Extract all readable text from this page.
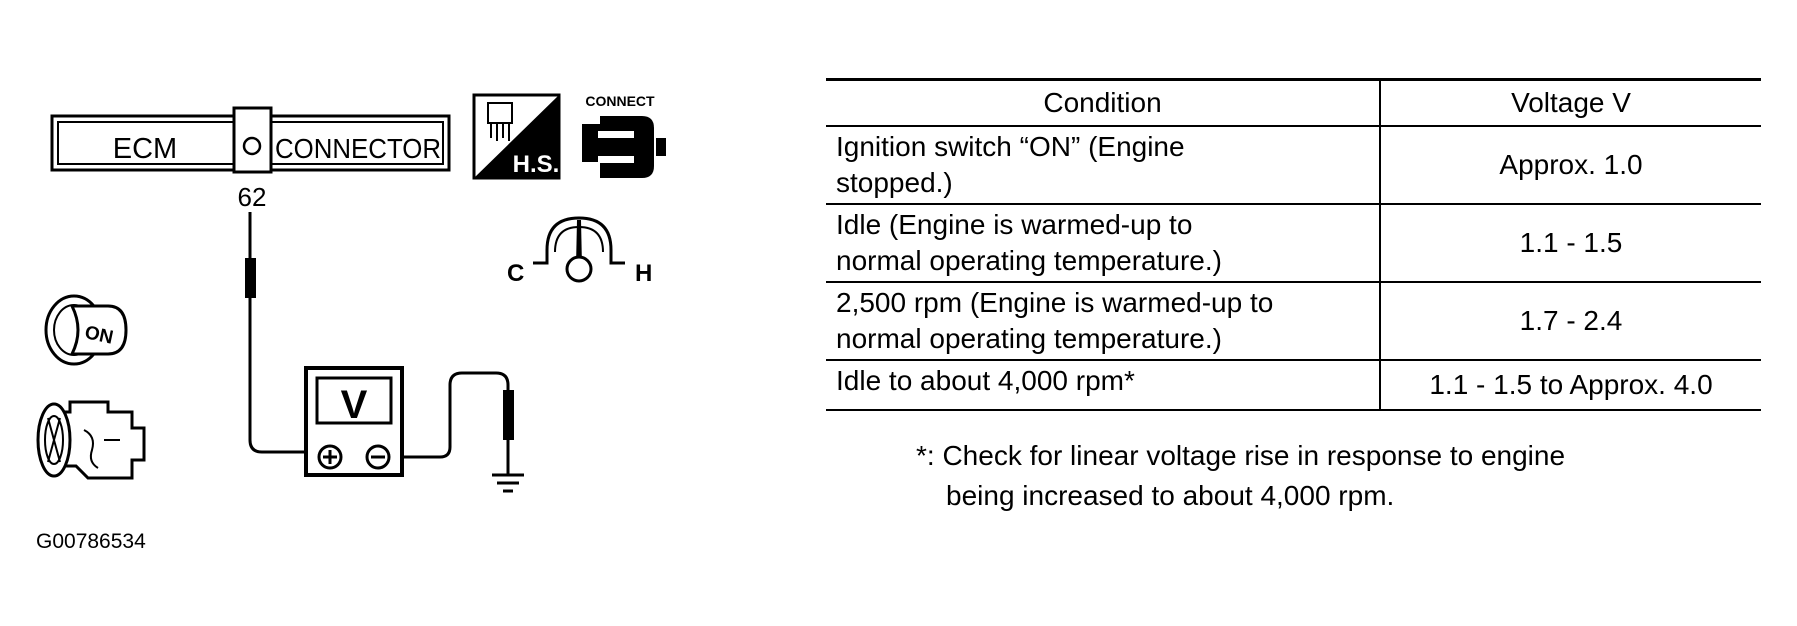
ECM	CONNECTOR
62
V
H.S.
CONNECT
C	H
ON
Condition	Voltage V
Ignition switch “ON” (Engine
stopped.)	Approx. 1.0
Idle (Engine is warmed-up to
normal operating temperature.)	1.1 - 1.5
2,500 rpm (Engine is warmed-up to
normal operating temperature.)	1.7 - 2.4
Idle to about 4,000 rpm*	1.1 - 1.5 to Approx. 4.0
*: Check for linear voltage rise in response to engine
being increased to about 4,000 rpm.
G00786534
